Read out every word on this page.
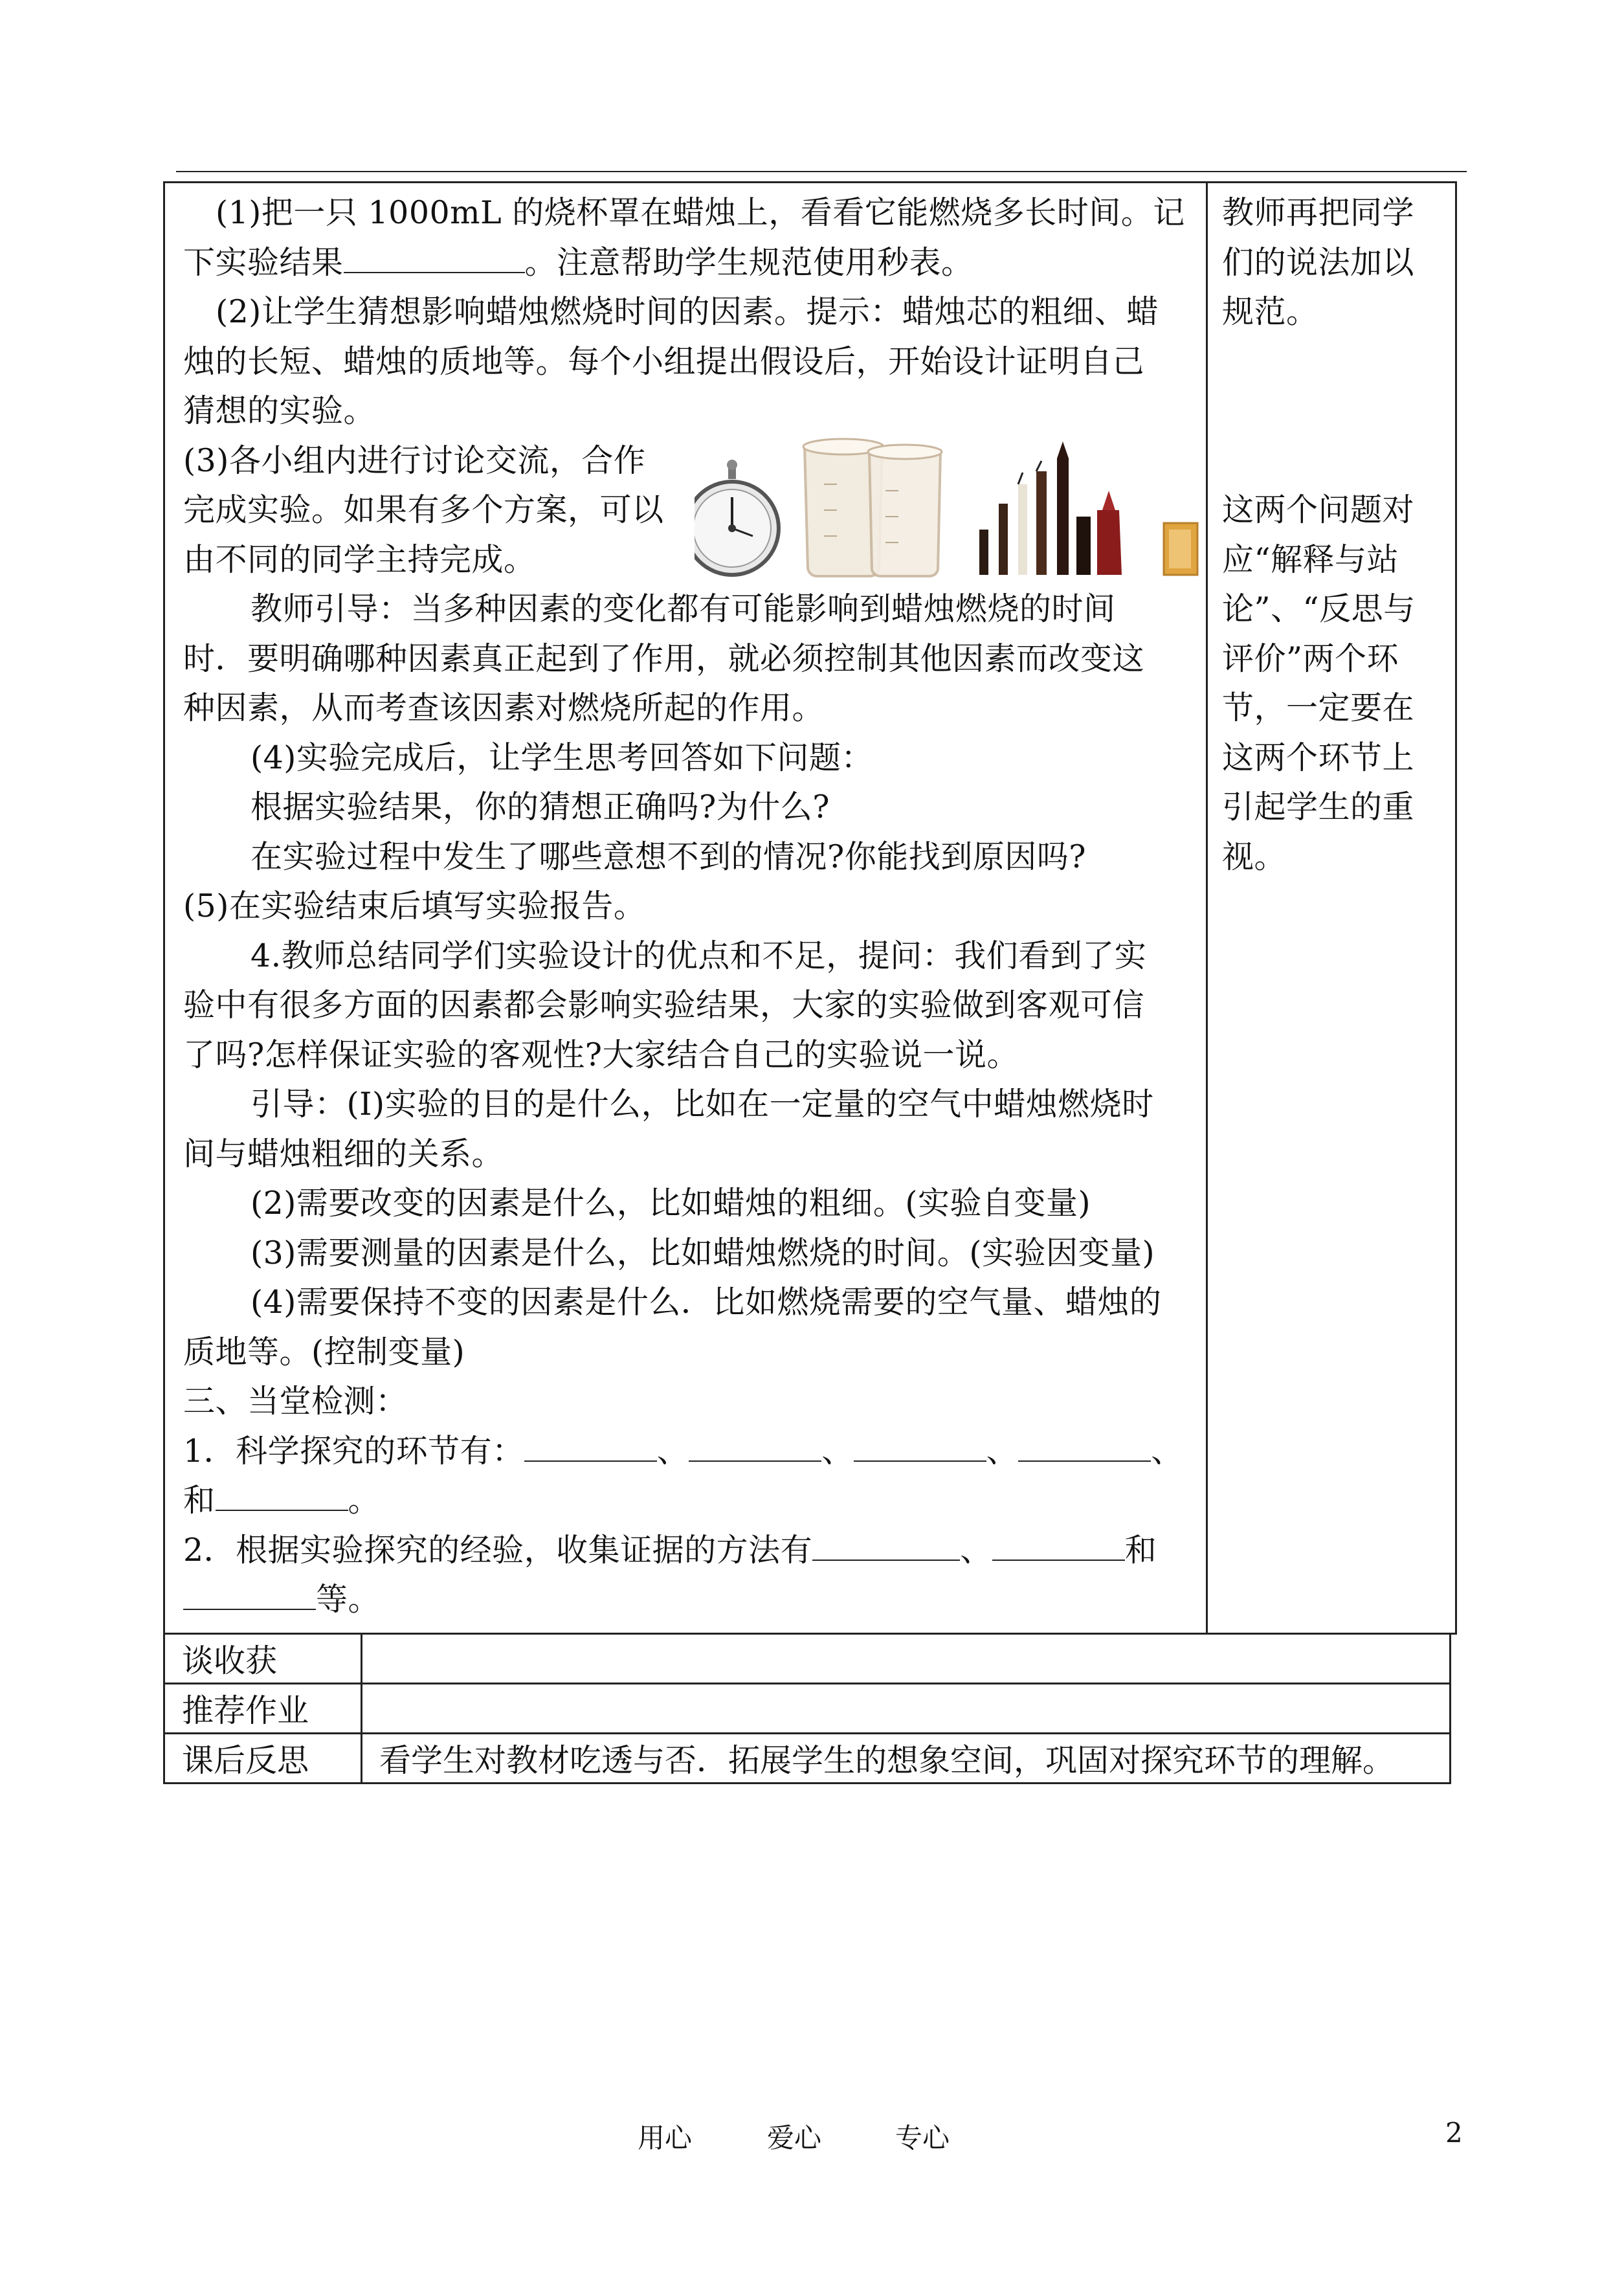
(1)把一只 1000mL 的烧杯罩在蜡烛上，看看它能燃烧多长时间。记
下实验结果	。注意帮助学生规范使用秒表。
(2)让学生猜想影响蜡烛燃烧时间的因素。提示：蜡烛芯的粗细、蜡
烛的长短、蜡烛的质地等。每个小组提出假设后，开始设计证明自己
猜想的实验。
(3)各小组内进行讨论交流，合作
完成实验。如果有多个方案，可以
由不同的同学主持完成。
教师引导：当多种因素的变化都有可能影响到蜡烛燃烧的时间
时．要明确哪种因素真正起到了作用，就必须控制其他因素而改变这
种因素，从而考查该因素对燃烧所起的作用。
(4)实验完成后，让学生思考回答如下问题：
根据实验结果，你的猜想正确吗?为什么?
在实验过程中发生了哪些意想不到的情况?你能找到原因吗?
(5)在实验结束后填写实验报告。
4.教师总结同学们实验设计的优点和不足，提问：我们看到了实
验中有很多方面的因素都会影响实验结果，大家的实验做到客观可信
了吗?怎样保证实验的客观性?大家结合自己的实验说一说。
引导：(I)实验的目的是什么，比如在一定量的空气中蜡烛燃烧时
间与蜡烛粗细的关系。
(2)需要改变的因素是什么，比如蜡烛的粗细。(实验自变量)
(3)需要测量的因素是什么，比如蜡烛燃烧的时间。(实验因变量)
(4)需要保持不变的因素是什么．比如燃烧需要的空气量、蜡烛的
质地等。(控制变量)
三、当堂检测：
1．科学探究的环节有：	、	、	、	、
和	。
2．根据实验探究的经验，收集证据的方法有	、	和
等。

教师再把同学
们的说法加以
规范。
这两个问题对
应“解释与站
论”、“反思与
评价”两个环
节，一定要在
这两个环节上
引起学生的重
视。
谈收获	
推荐作业	
课后反思	看学生对教材吃透与否．拓展学生的想象空间，巩固对探究环节的理解。
用心	爱心	专心	2
